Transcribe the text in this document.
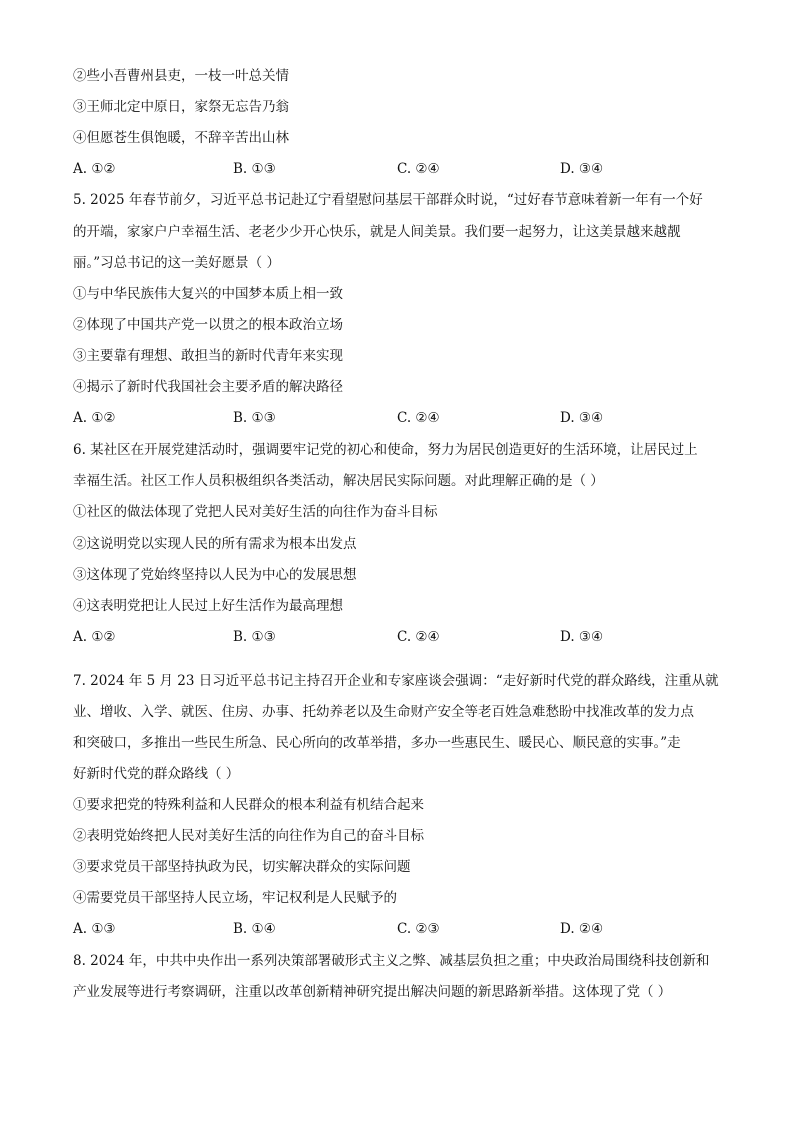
②些小吾曹州县吏，一枝一叶总关情
③王师北定中原日，家祭无忘告乃翁
④但愿苍生俱饱暖，不辞辛苦出山林
A. ①②	B. ①③	C. ②④	D. ③④
5. 2025 年春节前夕，习近平总书记赴辽宁看望慰问基层干部群众时说，“过好春节意味着新一年有一个好
的开端，家家户户幸福生活、老老少少开心快乐，就是人间美景。我们要一起努力，让这美景越来越靓
丽。”习总书记的这一美好愿景（ ）
①与中华民族伟大复兴的中国梦本质上相一致
②体现了中国共产党一以贯之的根本政治立场
③主要靠有理想、敢担当的新时代青年来实现
④揭示了新时代我国社会主要矛盾的解决路径
A. ①②	B. ①③	C. ②④	D. ③④
6. 某社区在开展党建活动时，强调要牢记党的初心和使命，努力为居民创造更好的生活环境，让居民过上
幸福生活。社区工作人员积极组织各类活动，解决居民实际问题。对此理解正确的是（ ）
①社区的做法体现了党把人民对美好生活的向往作为奋斗目标
②这说明党以实现人民的所有需求为根本出发点
③这体现了党始终坚持以人民为中心的发展思想
④这表明党把让人民过上好生活作为最高理想
A. ①②	B. ①③	C. ②④	D. ③④
7. 2024 年 5 月 23 日习近平总书记主持召开企业和专家座谈会强调：“走好新时代党的群众路线，注重从就
业、增收、入学、就医、住房、办事、托幼养老以及生命财产安全等老百姓急难愁盼中找准改革的发力点
和突破口，多推出一些民生所急、民心所向的改革举措，多办一些惠民生、暖民心、顺民意的实事。”走
好新时代党的群众路线（ ）
①要求把党的特殊利益和人民群众的根本利益有机结合起来
②表明党始终把人民对美好生活的向往作为自己的奋斗目标
③要求党员干部坚持执政为民，切实解决群众的实际问题
④需要党员干部坚持人民立场，牢记权利是人民赋予的
A. ①③	B. ①④	C. ②③	D. ②④
8. 2024 年，中共中央作出一系列决策部署破形式主义之弊、减基层负担之重；中央政治局围绕科技创新和
产业发展等进行考察调研，注重以改革创新精神研究提出解决问题的新思路新举措。这体现了党（ ）
